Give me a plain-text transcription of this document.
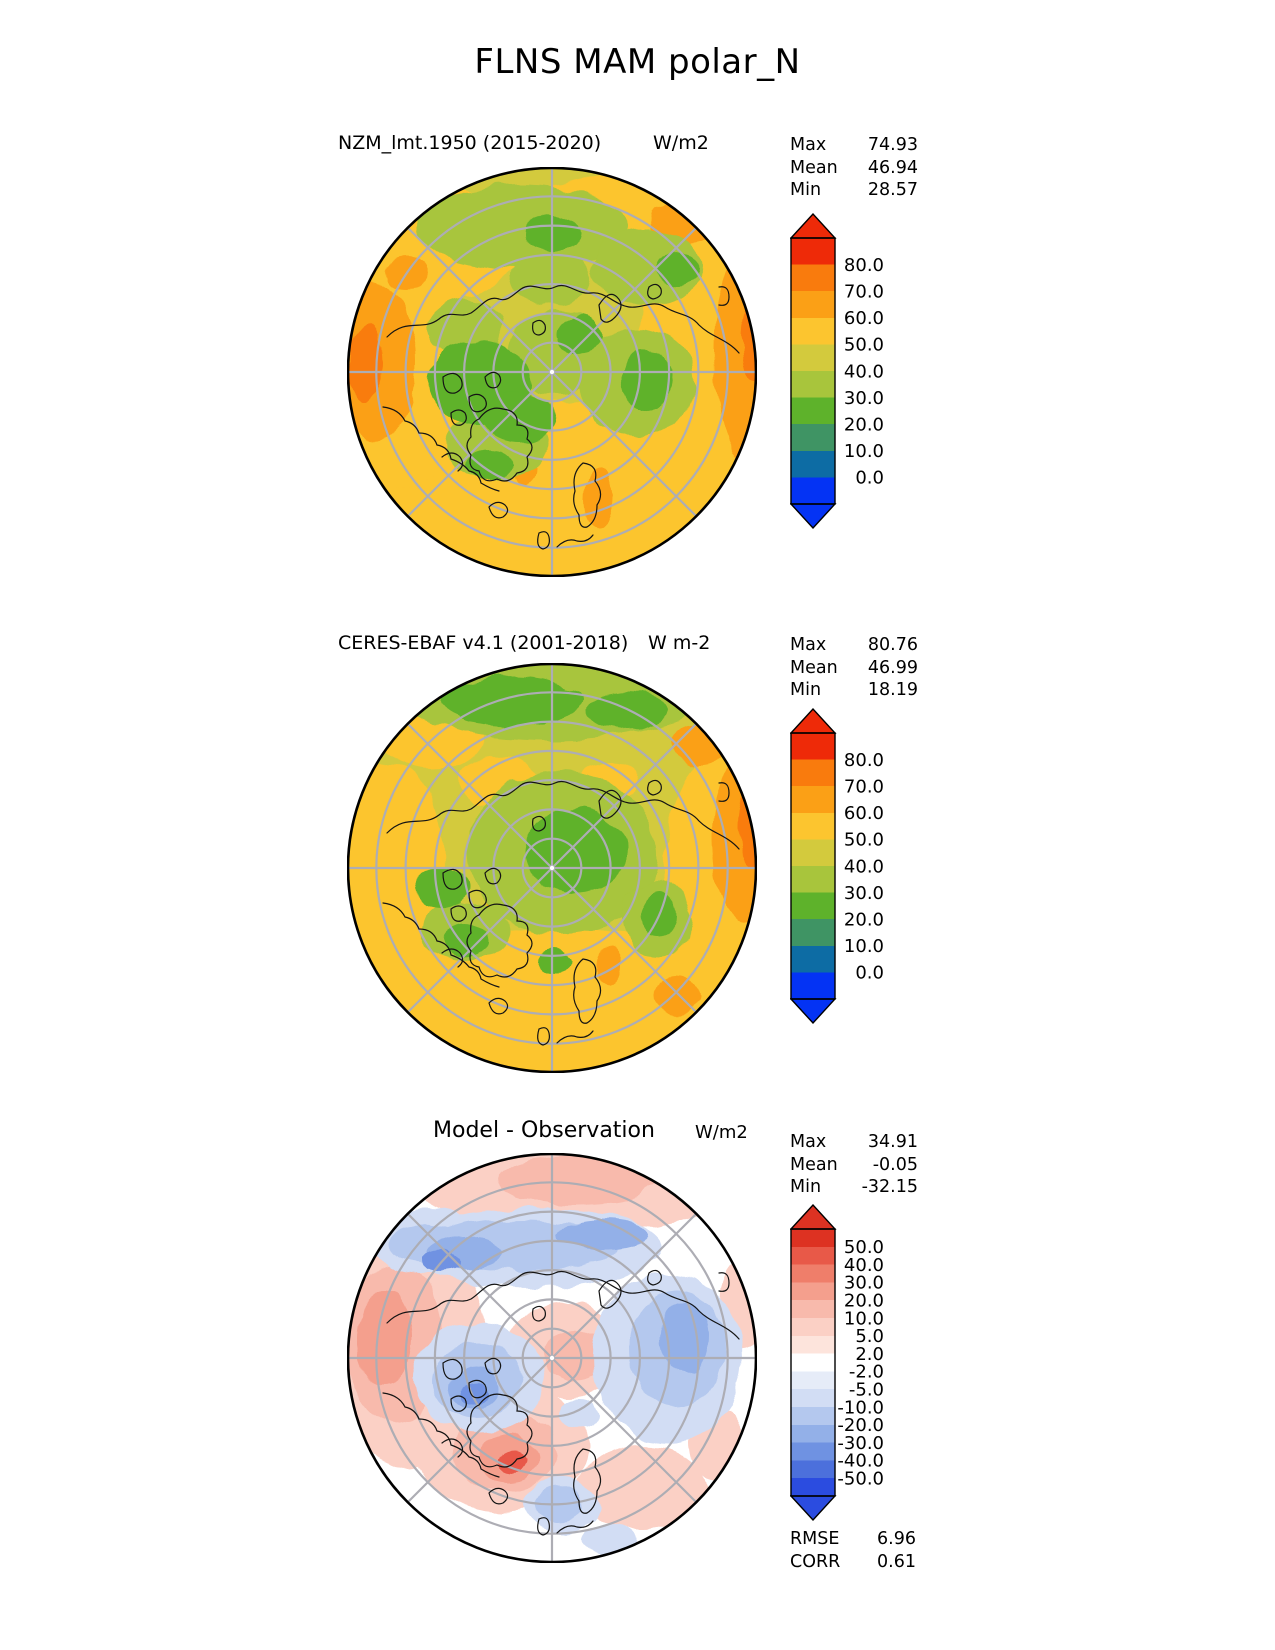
FLNS MAM polar_N
NZM_lmt.1950 (2015-2020)	W/m2	Max 74.93
Mean 46.94
Min	28.57
80.0
70.0
60.0
50.0
40.0
30.0
20.0
10.0
0.0
CERES-EBAF v4.1 (2001-2018) W m-2	Max 80.76
Mean 46.99
Min	18.19
80.0
70.0
60.0
50.0
40.0
30.0
20.0
10.0
0.0
Model - Observation W/m2 Max 34.91
Mean -0.05
Min -32.15
50.0
40.0
30.0
20.0
10.0
5.0
2.0
-2.0
-5.0
-10.0
-20.0
-30.0
-40.0
-50.0
RMSE 6.96
CORR 0.61
